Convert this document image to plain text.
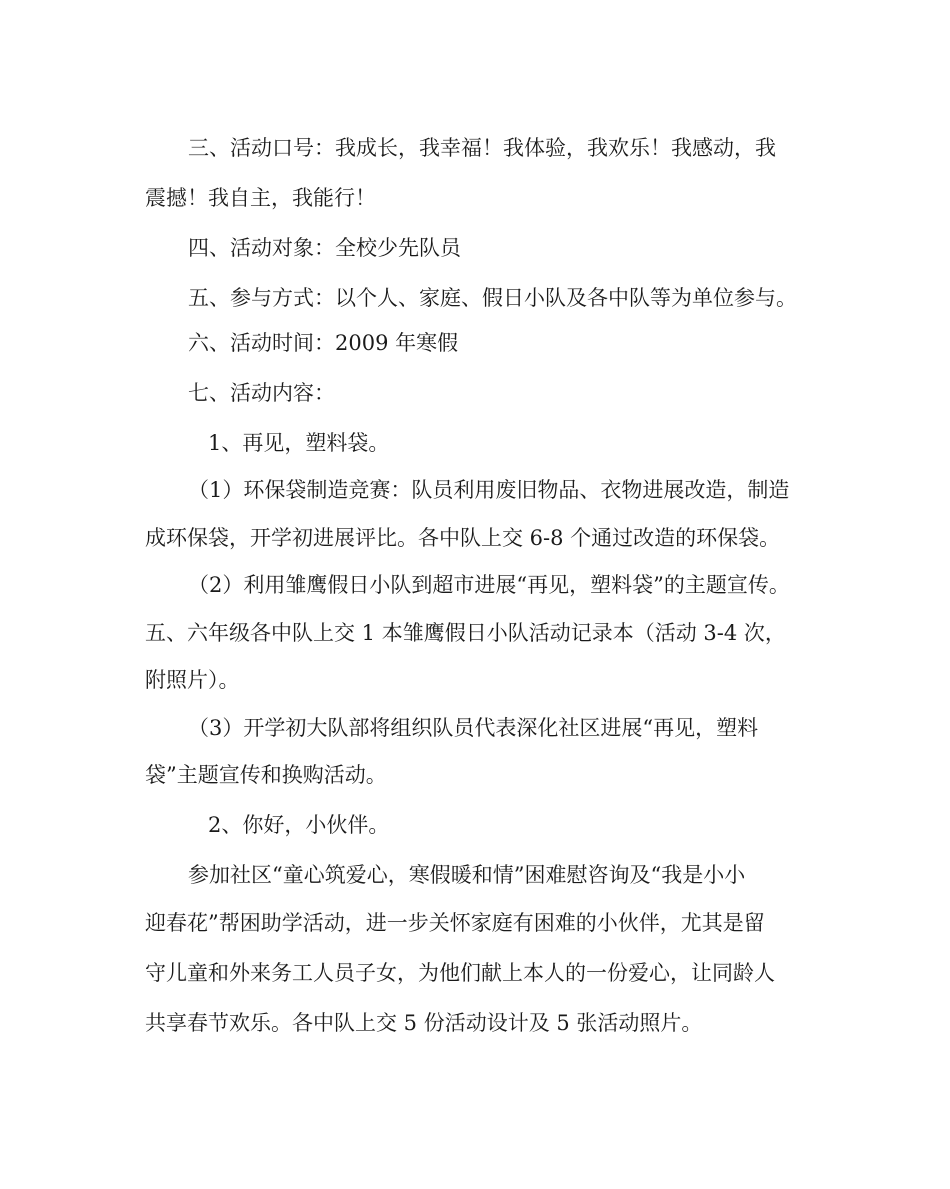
三、活动口号：我成长，我幸福！我体验，我欢乐！我感动，我
震撼！我自主，我能行！
四、活动对象：全校少先队员
五、参与方式：以个人、家庭、假日小队及各中队等为单位参与。
六、活动时间：2009 年寒假
七、活动内容：
1、再见，塑料袋。
（1）环保袋制造竞赛：队员利用废旧物品、衣物进展改造，制造
成环保袋，开学初进展评比。各中队上交 6-8 个通过改造的环保袋。
（2）利用雏鹰假日小队到超市进展“再见，塑料袋”的主题宣传。
五、六年级各中队上交 1 本雏鹰假日小队活动记录本（活动 3-4 次，
附照片）。
（3）开学初大队部将组织队员代表深化社区进展“再见，塑料
袋”主题宣传和换购活动。
2、你好，小伙伴。
参加社区“童心筑爱心，寒假暖和情”困难慰咨询及“我是小小
迎春花”帮困助学活动，进一步关怀家庭有困难的小伙伴，尤其是留
守儿童和外来务工人员子女，为他们献上本人的一份爱心，让同龄人
共享春节欢乐。各中队上交 5 份活动设计及 5 张活动照片。
